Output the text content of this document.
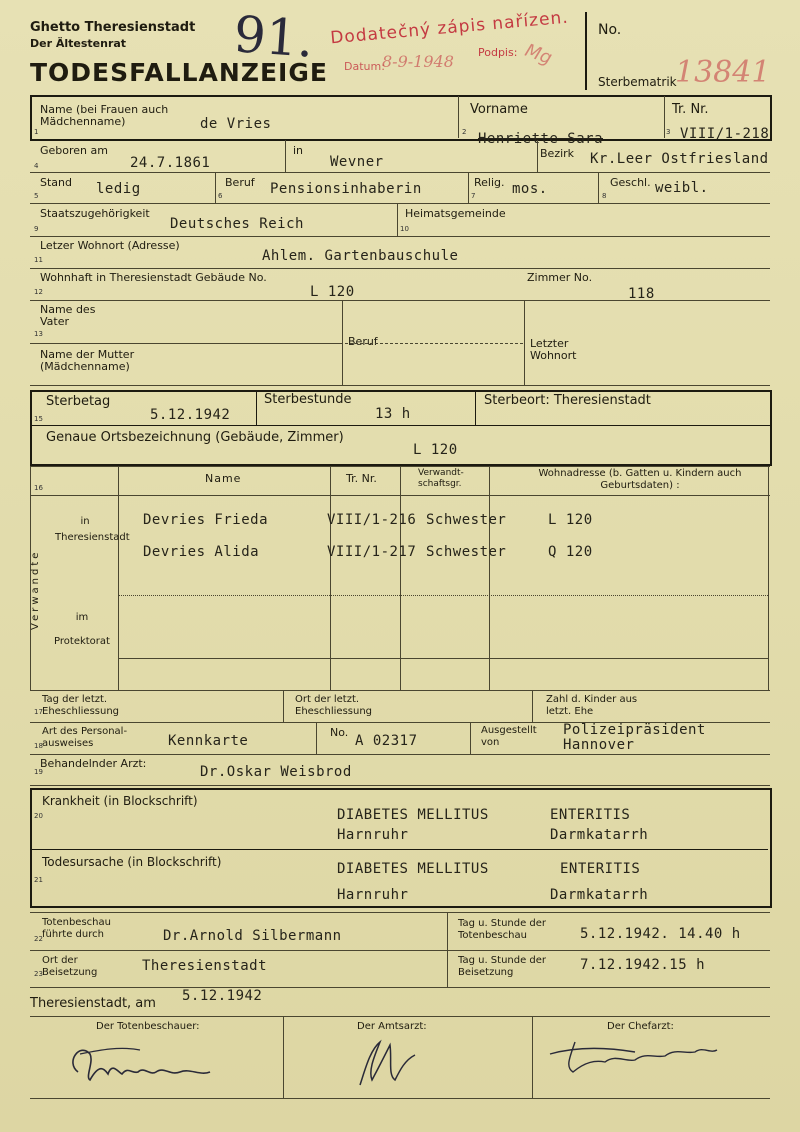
Ghetto Theresienstadt
Der Ältestenrat
TODESFALLANZEIGE
91. Dodatečný zápis nařízen.
Podpis:
Datum:
8-9-1948	Mg
No.
Sterbematrik
13841
Name (bei Frauen auch Mädchenname)
1	de Vries
Vorname
2 Henriette Sara
Tr. Nr.
3 VIII/1-218
Geboren am
4	24.7.1861
in
Wevner
Bezirk Kr.Leer Ostfriesland
Stand
5	ledig	Beruf
6	Pensionsinhaberin	Relig.
7	mos.	Geschl.
8	weibl.
Staatszugehörigkeit
9	Deutsches Reich
Heimatsgemeinde
10
Letzer Wohnort (Adresse)
11	Ahlem. Gartenbauschule
Wohnhaft in Theresienstadt Gebäude No.
12	L 120
Zimmer No.
118
Name des Vater
13
Beruf	Letzter Wohnort
Name der Mutter (Mädchenname)
Sterbetag
15	5.12.1942
Sterbestunde
13 h
Sterbeort: Theresienstadt
Genaue Ortsbezeichnung (Gebäude, Zimmer)
L 120
16
Name	Tr. Nr.	Verwandt-schaftsgr.
Wohnadresse (b. Gatten u. Kindern auch Geburtsdaten) :
Verwandte
in Theresienstadt
im Protektorat
Devries Frieda	VIII/1-216 Schwester	L 120
Devries Alida	VIII/1-217 Schwester	Q 120
Tag der letzt. Eheschliessung
17
Ort der letzt. Eheschliessung
Zahl d. Kinder aus letzt. Ehe
Art des Personal-ausweises
18	Kennkarte
No.
A 02317
Ausgestellt von
Polizeipräsident
Hannover
Behandelnder Arzt:
19	Dr.Oskar Weisbrod
Krankheit (in Blockschrift)
20	DIABETES MELLITUS	ENTERITIS
Harnruhr	Darmkatarrh
Todesursache (in Blockschrift)
21
DIABETES MELLITUS	ENTERITIS
Harnruhr	Darmkatarrh
Totenbeschau führte durch
22	Dr.Arnold Silbermann
Tag u. Stunde der Totenbeschau	5.12.1942. 14.40 h
Ort der Beisetzung
23	Theresienstadt	Tag u. Stunde der Beisetzung	7.12.1942.15 h
Theresienstadt, am 5.12.1942
Der Totenbeschauer:	Der Amtsarzt:	Der Chefarzt:
